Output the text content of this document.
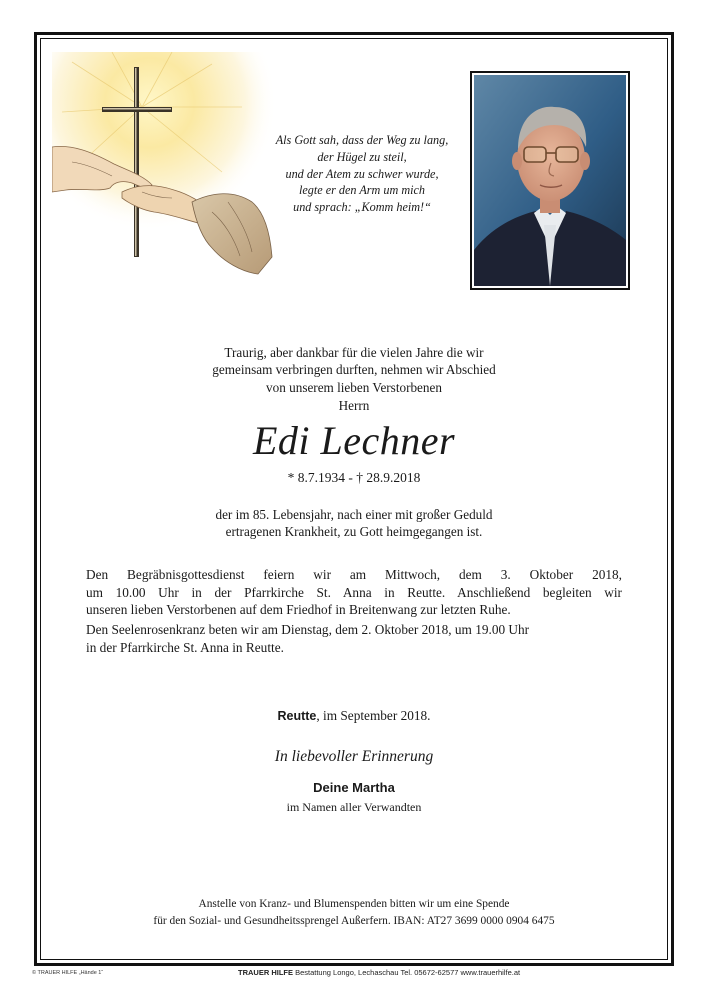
Als Gott sah, dass der Weg zu lang,
der Hügel zu steil,
und der Atem zu schwer wurde,
legte er den Arm um mich
und sprach: „Komm heim!“
Traurig, aber dankbar für die vielen Jahre die wir
gemeinsam verbringen durften, nehmen wir Abschied
von unserem lieben Verstorbenen
Herrn
Edi Lechner
* 8.7.1934 - † 28.9.2018
der im 85. Lebensjahr, nach einer mit großer Geduld
ertragenen Krankheit, zu Gott heimgegangen ist.
Den Begräbnisgottesdienst feiern wir am Mittwoch, dem 3. Oktober 2018,
um 10.00 Uhr in der Pfarrkirche St. Anna in Reutte. Anschließend begleiten wir
unseren lieben Verstorbenen auf dem Friedhof in Breitenwang zur letzten Ruhe.
Den Seelenrosenkranz beten wir am Dienstag, dem 2. Oktober 2018, um 19.00 Uhr
in der Pfarrkirche St. Anna in Reutte.
Reutte, im September 2018.
In liebevoller Erinnerung
Deine Martha
im Namen aller Verwandten
Anstelle von Kranz- und Blumenspenden bitten wir um eine Spende
für den Sozial- und Gesundheitssprengel Außerfern. IBAN: AT27 3699 0000 0904 6475
© TRAUER HILFE „Hände 1“	TRAUER HILFE Bestattung Longo, Lechaschau Tel. 05672-62577 www.trauerhilfe.at
